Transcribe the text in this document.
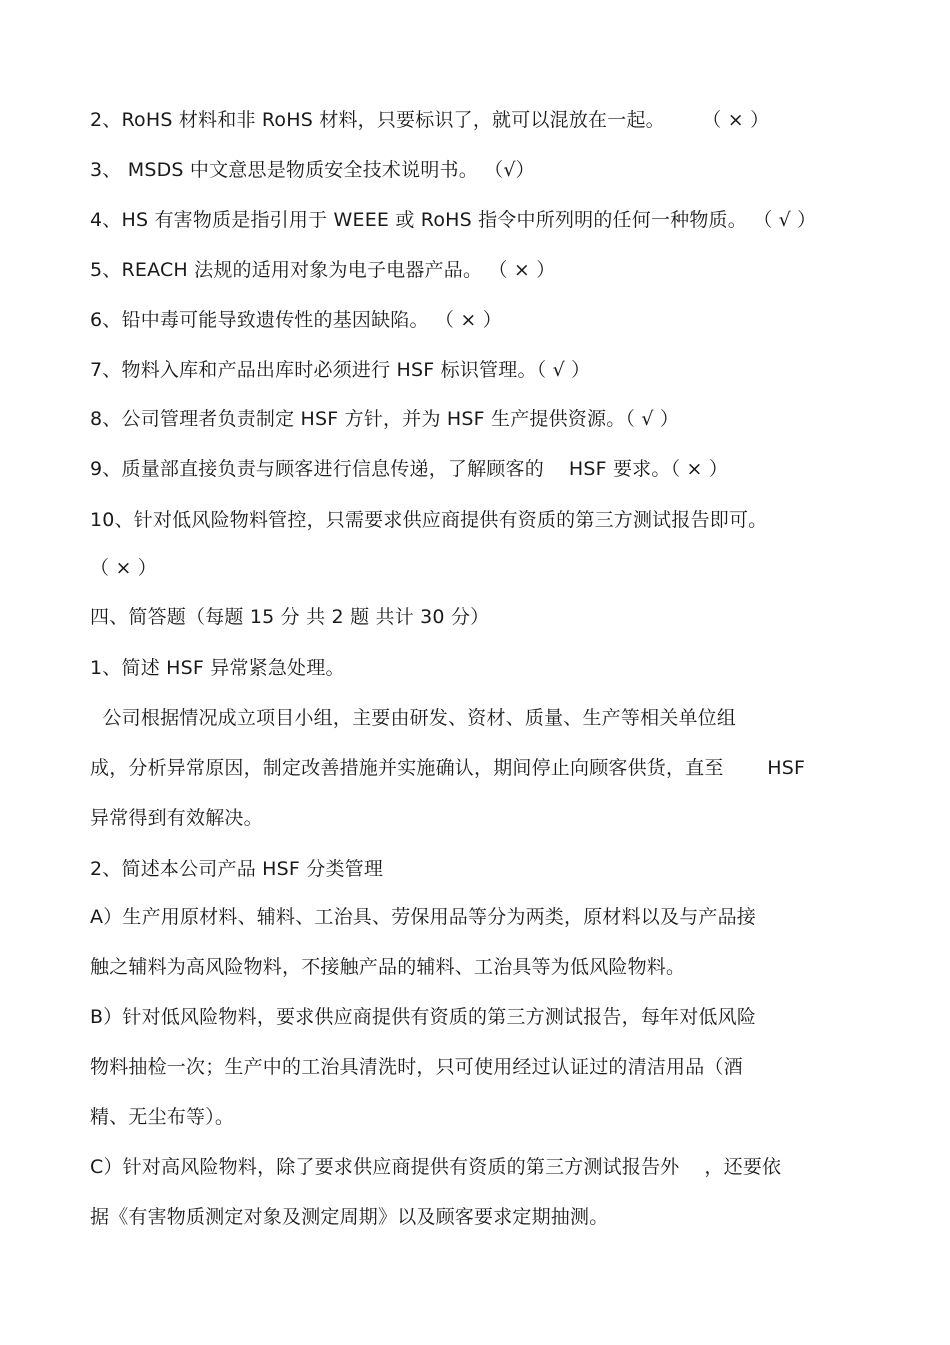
2、RoHS 材料和非 RoHS 材料，只要标识了，就可以混放在一起。      （ × ）
3、 MSDS 中文意思是物质安全技术说明书。 （√）
4、HS 有害物质是指引用于 WEEE 或 RoHS 指令中所列明的任何一种物质。 （ √ ）
5、REACH 法规的适用对象为电子电器产品。 （ × ）
6、铅中毒可能导致遗传性的基因缺陷。 （ × ）
7、物料入库和产品出库时必须进行 HSF 标识管理。（ √ ）
8、公司管理者负责制定 HSF 方针，并为 HSF 生产提供资源。（ √ ）
9、质量部直接负责与顾客进行信息传递，了解顾客的    HSF 要求。（ × ）
10、针对低风险物料管控，只需要求供应商提供有资质的第三方测试报告即可。
（ × ）
四、简答题（每题 15 分 共 2 题 共计 30 分）
1、简述 HSF 异常紧急处理。
公司根据情况成立项目小组，主要由研发、资材、质量、生产等相关单位组
成，分析异常原因，制定改善措施并实施确认，期间停止向顾客供货，直至       HSF
异常得到有效解决。
2、简述本公司产品 HSF 分类管理
A）生产用原材料、辅料、工治具、劳保用品等分为两类，原材料以及与产品接
触之辅料为高风险物料，不接触产品的辅料、工治具等为低风险物料。
B）针对低风险物料，要求供应商提供有资质的第三方测试报告，每年对低风险
物料抽检一次；生产中的工治具清洗时，只可使用经过认证过的清洁用品（酒
精、无尘布等）。
C）针对高风险物料，除了要求供应商提供有资质的第三方测试报告外    ，还要依
据《有害物质测定对象及测定周期》以及顾客要求定期抽测。
